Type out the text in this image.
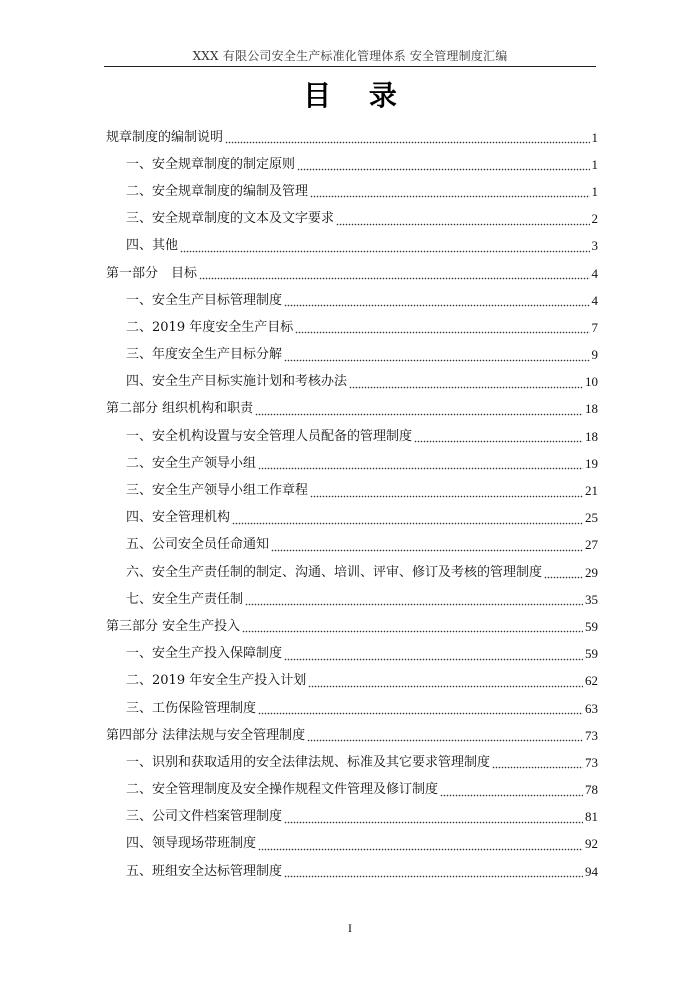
XXX 有限公司安全生产标准化管理体系 安全管理制度汇编
目 录
规章制度的编制说明	1
一、安全规章制度的制定原则	1
二、安全规章制度的编制及管理	1
三、安全规章制度的文本及文字要求	2
四、其他	3
第一部分　目标	4
一、安全生产目标管理制度	4
二、2019 年度安全生产目标	7
三、年度安全生产目标分解	9
四、安全生产目标实施计划和考核办法	10
第二部分 组织机构和职责	18
一、安全机构设置与安全管理人员配备的管理制度	18
二、安全生产领导小组	19
三、安全生产领导小组工作章程	21
四、安全管理机构	25
五、公司安全员任命通知	27
六、安全生产责任制的制定、沟通、培训、评审、修订及考核的管理制度	29
七、安全生产责任制	35
第三部分 安全生产投入	59
一、安全生产投入保障制度	59
二、2019 年安全生产投入计划	62
三、工伤保险管理制度	63
第四部分 法律法规与安全管理制度	73
一、识别和获取适用的安全法律法规、标准及其它要求管理制度	73
二、安全管理制度及安全操作规程文件管理及修订制度	78
三、公司文件档案管理制度	81
四、领导现场带班制度	92
五、班组安全达标管理制度	94
I
